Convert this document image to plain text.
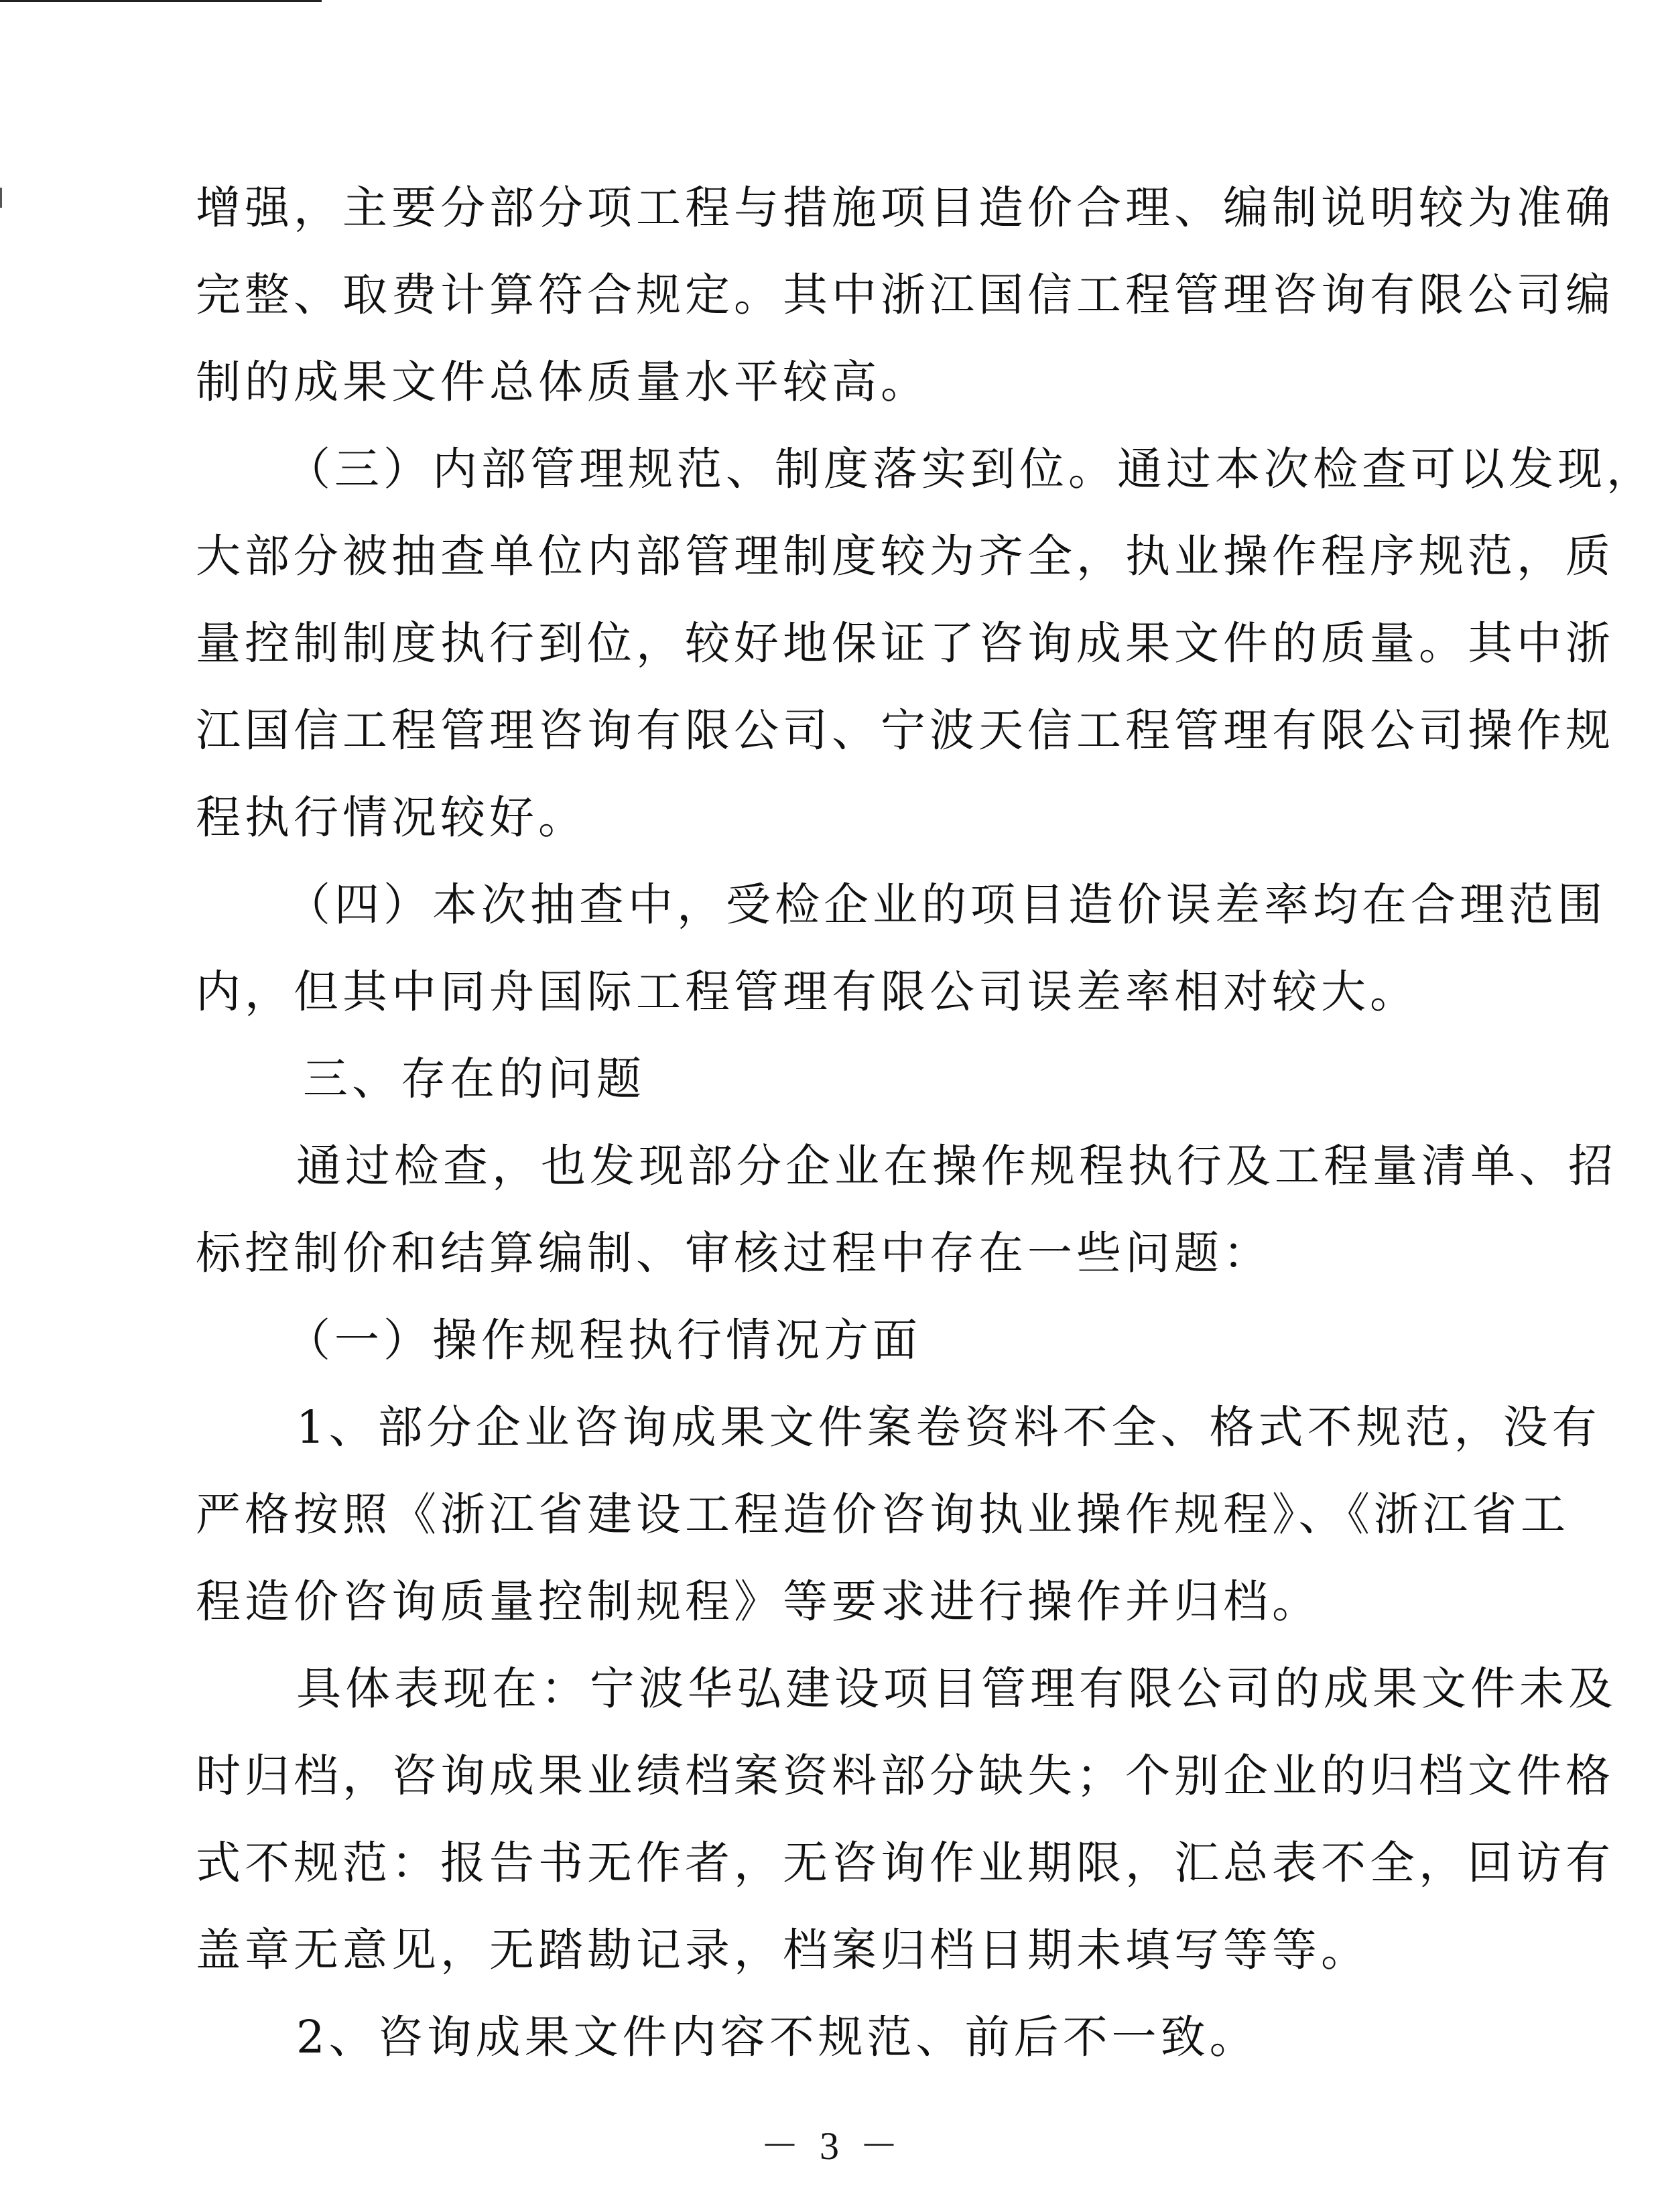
增强，主要分部分项工程与措施项目造价合理、编制说明较为准确
完整、取费计算符合规定。其中浙江国信工程管理咨询有限公司编
制的成果文件总体质量水平较高。
（三）内部管理规范、制度落实到位。通过本次检查可以发现，
大部分被抽查单位内部管理制度较为齐全，执业操作程序规范，质
量控制制度执行到位，较好地保证了咨询成果文件的质量。其中浙
江国信工程管理咨询有限公司、宁波天信工程管理有限公司操作规
程执行情况较好。
（四）本次抽查中，受检企业的项目造价误差率均在合理范围
内，但其中同舟国际工程管理有限公司误差率相对较大。
三、存在的问题
通过检查，也发现部分企业在操作规程执行及工程量清单、招
标控制价和结算编制、审核过程中存在一些问题：
（一）操作规程执行情况方面
1、部分企业咨询成果文件案卷资料不全、格式不规范，没有
严格按照《浙江省建设工程造价咨询执业操作规程》、《浙江省工
程造价咨询质量控制规程》等要求进行操作并归档。
具体表现在：宁波华弘建设项目管理有限公司的成果文件未及
时归档，咨询成果业绩档案资料部分缺失；个别企业的归档文件格
式不规范：报告书无作者，无咨询作业期限，汇总表不全，回访有
盖章无意见，无踏勘记录，档案归档日期未填写等等。
2、咨询成果文件内容不规范、前后不一致。
－ 3 －
